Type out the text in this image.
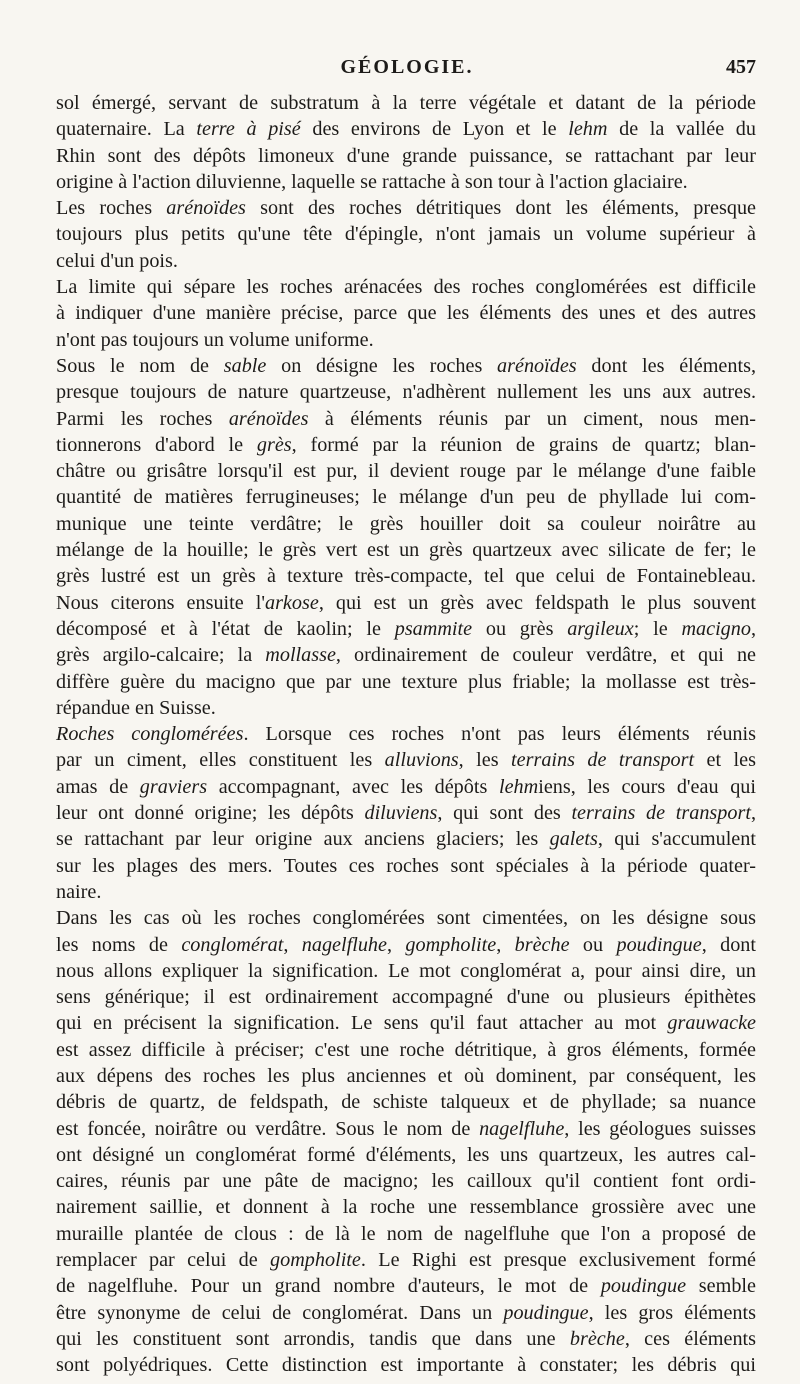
GÉOLOGIE.	457
sol émergé, servant de substratum à la terre végétale et datant de la période
quaternaire. La terre à pisé des environs de Lyon et le lehm de la vallée du
Rhin sont des dépôts limoneux d'une grande puissance, se rattachant par leur
origine à l'action diluvienne, laquelle se rattache à son tour à l'action glaciaire.
Les roches arénoïdes sont des roches détritiques dont les éléments, presque
toujours plus petits qu'une tête d'épingle, n'ont jamais un volume supérieur à
celui d'un pois.
La limite qui sépare les roches arénacées des roches conglomérées est difficile
à indiquer d'une manière précise, parce que les éléments des unes et des autres
n'ont pas toujours un volume uniforme.
Sous le nom de sable on désigne les roches arénoïdes dont les éléments,
presque toujours de nature quartzeuse, n'adhèrent nullement les uns aux autres.
Parmi les roches arénoïdes à éléments réunis par un ciment, nous men-
tionnerons d'abord le grès, formé par la réunion de grains de quartz; blan-
châtre ou grisâtre lorsqu'il est pur, il devient rouge par le mélange d'une faible
quantité de matières ferrugineuses; le mélange d'un peu de phyllade lui com-
munique une teinte verdâtre; le grès houiller doit sa couleur noirâtre au
mélange de la houille; le grès vert est un grès quartzeux avec silicate de fer; le
grès lustré est un grès à texture très-compacte, tel que celui de Fontainebleau.
Nous citerons ensuite l'arkose, qui est un grès avec feldspath le plus souvent
décomposé et à l'état de kaolin; le psammite ou grès argileux; le macigno,
grès argilo-calcaire; la mollasse, ordinairement de couleur verdâtre, et qui ne
diffère guère du macigno que par une texture plus friable; la mollasse est très-
répandue en Suisse.
Roches conglomérées. Lorsque ces roches n'ont pas leurs éléments réunis
par un ciment, elles constituent les alluvions, les terrains de transport et les
amas de graviers accompagnant, avec les dépôts lehmiens, les cours d'eau qui
leur ont donné origine; les dépôts diluviens, qui sont des terrains de transport,
se rattachant par leur origine aux anciens glaciers; les galets, qui s'accumulent
sur les plages des mers. Toutes ces roches sont spéciales à la période quater-
naire.
Dans les cas où les roches conglomérées sont cimentées, on les désigne sous
les noms de conglomérat, nagelfluhe, gompholite, brèche ou poudingue, dont
nous allons expliquer la signification. Le mot conglomérat a, pour ainsi dire, un
sens générique; il est ordinairement accompagné d'une ou plusieurs épithètes
qui en précisent la signification. Le sens qu'il faut attacher au mot grauwacke
est assez difficile à préciser; c'est une roche détritique, à gros éléments, formée
aux dépens des roches les plus anciennes et où dominent, par conséquent, les
débris de quartz, de feldspath, de schiste talqueux et de phyllade; sa nuance
est foncée, noirâtre ou verdâtre. Sous le nom de nagelfluhe, les géologues suisses
ont désigné un conglomérat formé d'éléments, les uns quartzeux, les autres cal-
caires, réunis par une pâte de macigno; les cailloux qu'il contient font ordi-
nairement saillie, et donnent à la roche une ressemblance grossière avec une
muraille plantée de clous : de là le nom de nagelfluhe que l'on a proposé de
remplacer par celui de gompholite. Le Righi est presque exclusivement formé
de nagelfluhe. Pour un grand nombre d'auteurs, le mot de poudingue semble
être synonyme de celui de conglomérat. Dans un poudingue, les gros éléments
qui les constituent sont arrondis, tandis que dans une brèche, ces éléments
sont polyédriques. Cette distinction est importante à constater; les débris qui
